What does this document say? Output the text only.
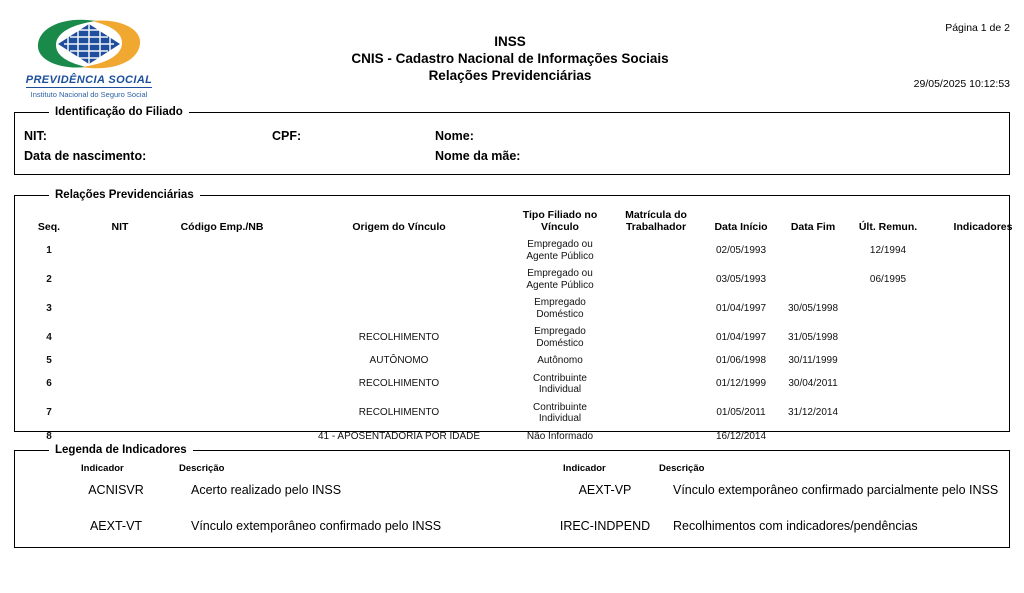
PREVIDÊNCIA SOCIAL
Instituto Nacional do Seguro Social
INSS
CNIS - Cadastro Nacional de Informações Sociais
Relações Previdenciárias
Página 1 de 2
29/05/2025 10:12:53
Identificação do Filiado
NIT:	CPF:	Nome:
Data de nascimento:	Nome da mãe:
Relações Previdenciárias
Seq.	NIT	Código Emp./NB	Origem do Vínculo	Tipo Filiado no Vínculo	Matrícula do Trabalhador	Data Início	Data Fim	Últ. Remun.	Indicadores
1				Empregado ou Agente Público		02/05/1993		12/1994	
2				Empregado ou Agente Público		03/05/1993		06/1995	
3				Empregado Doméstico		01/04/1997	30/05/1998		
4			RECOLHIMENTO	Empregado Doméstico		01/04/1997	31/05/1998		
5			AUTÔNOMO	Autônomo		01/06/1998	30/11/1999		
6			RECOLHIMENTO	Contribuinte Individual		01/12/1999	30/04/2011		
7			RECOLHIMENTO	Contribuinte Individual		01/05/2011	31/12/2014		
8			41 - APOSENTADORIA POR IDADE	Não Informado		16/12/2014			
Legenda de Indicadores
Indicador	Descrição	Indicador	Descrição
ACNISVR	Acerto realizado pelo INSS
AEXT-VT	Vínculo extemporâneo confirmado pelo INSS
AEXT-VP	Vínculo extemporâneo confirmado parcialmente pelo INSS
IREC-INDPEND	Recolhimentos com indicadores/pendências
